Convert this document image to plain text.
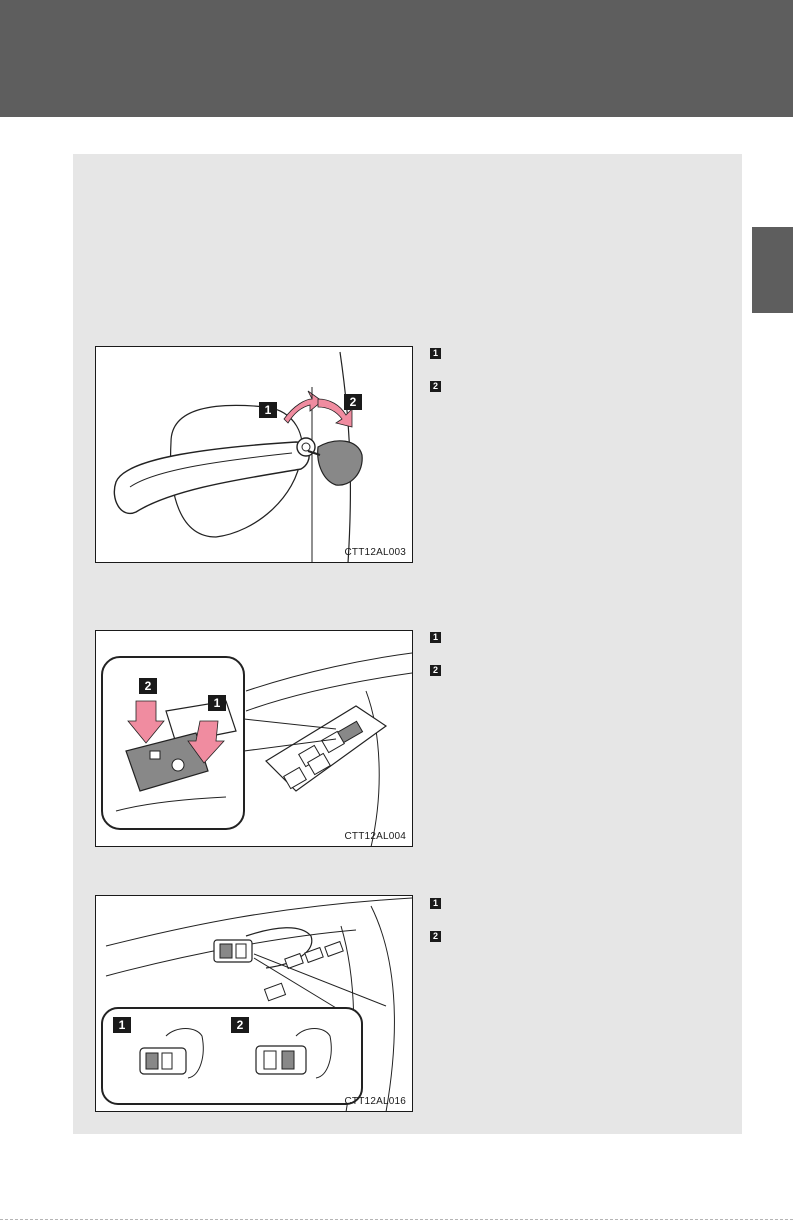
1
2
CTT12AL003
1
2
2
1
CTT12AL004
1
2
1	2
CTT12AL016
1
2
